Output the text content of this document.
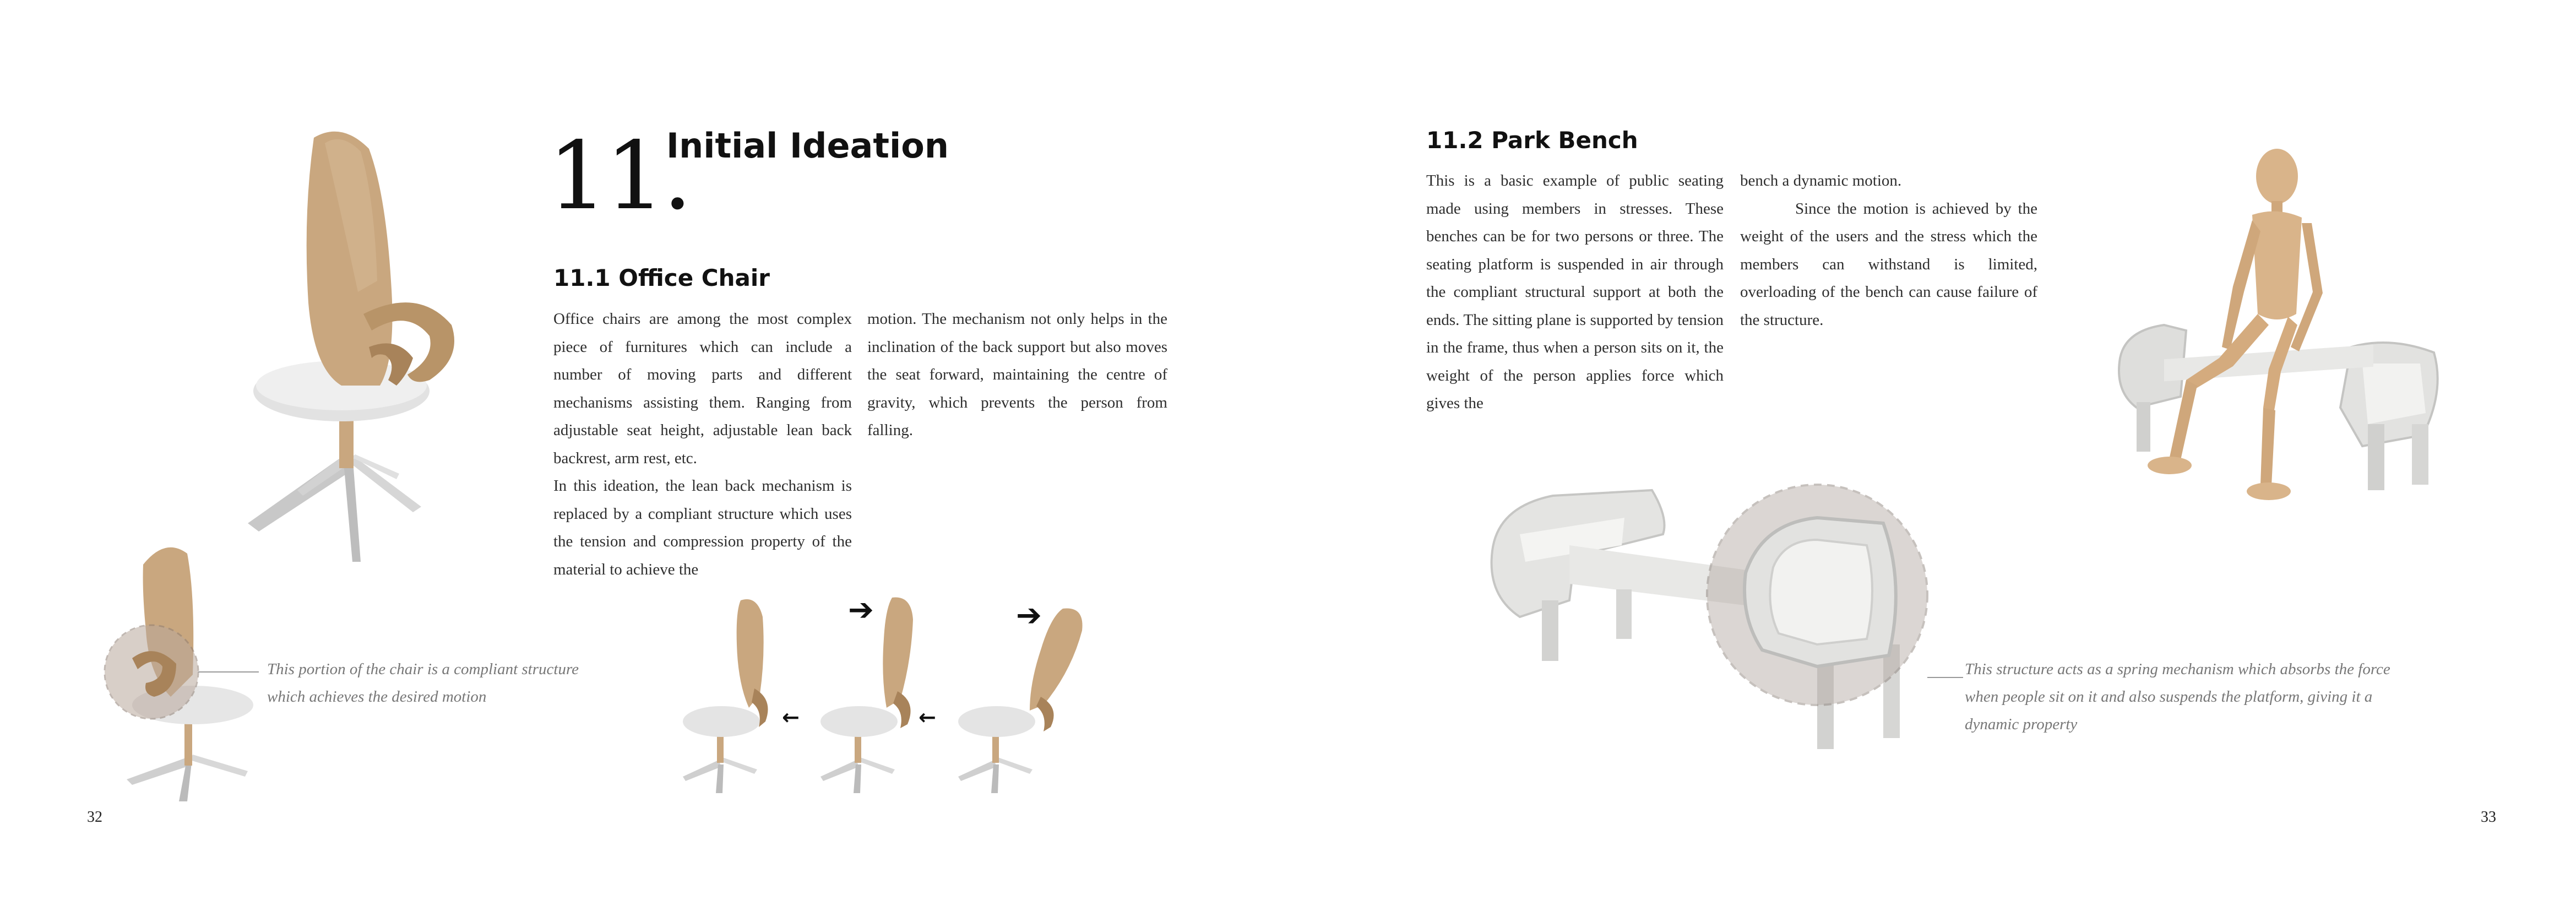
This portion of the chair is a compliant structure which achieves the desired motion
11.
Initial Ideation
11.1 Office Chair

Office chairs are among the most complex piece of furnitures which can include a number of moving parts and different mechanisms assisting them. Ranging from adjustable seat height, adjustable lean back backrest, arm rest, etc.

In this ideation, the lean back mechanism is replaced by a compliant structure which uses the tension and compression property of the material to achieve the

motion. The mechanism not only helps in the inclination of the back support but also moves the seat forward, maintaining the centre of gravity, which prevents the person from falling.

➔	➔
←	←
32
11.2 Park Bench

This is a basic example of public seating made using members in stresses. These benches can be for two persons or three. The seating platform is suspended in air through the compliant structural support at both the ends. The sitting plane is supported by tension in the frame, thus when a person sits on it, the weight of the person applies force which gives the

bench a dynamic motion.

Since the motion is achieved by the weight of the users and the stress which the members can withstand is limited, overloading of the bench can cause failure of the structure.

This structure acts as a spring mechanism which absorbs the force when people sit on it and also suspends the platform, giving it a dynamic property
33
